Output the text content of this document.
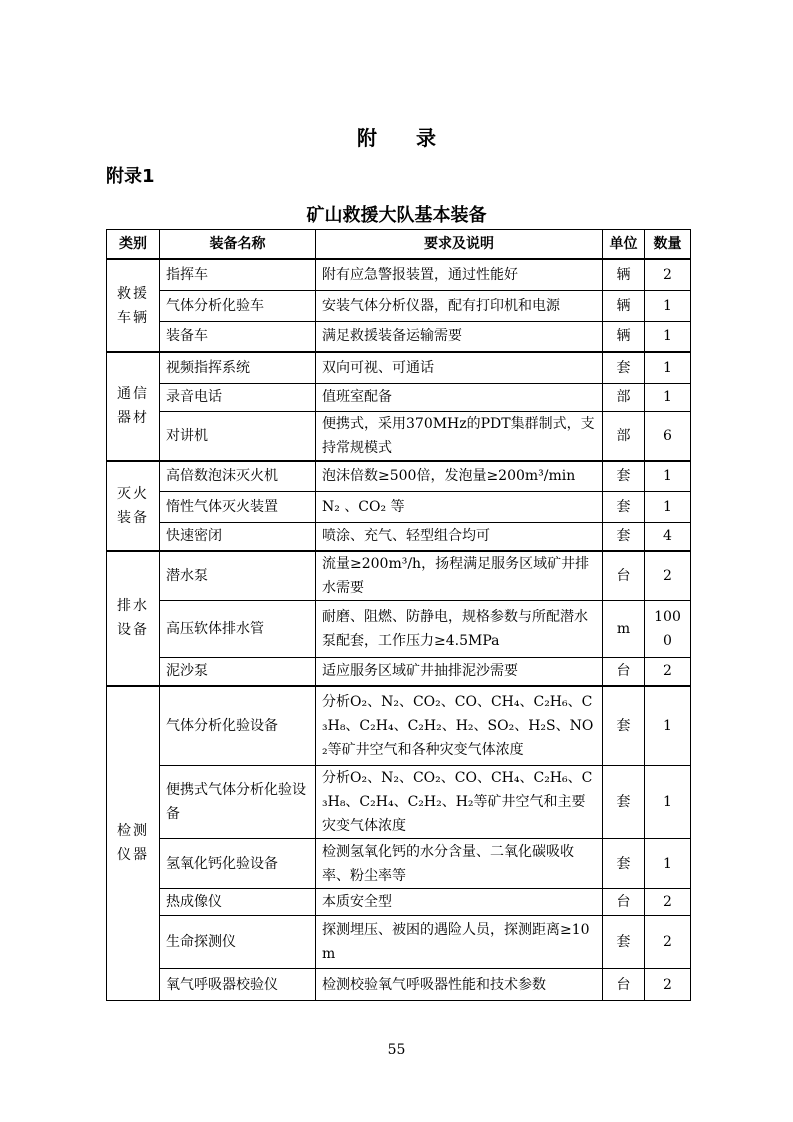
附 录
附录1
矿山救援大队基本装备
类别	装备名称	要求及说明	单位	数量

救援
车辆	指挥车	附有应急警报装置，通过性能好	辆	2
	气体分析化验车	安装气体分析仪器，配有打印机和电源	辆	1
	装备车	满足救援装备运输需要	辆	1

通信
器材	视频指挥系统	双向可视、可通话	套	1
	录音电话	值班室配备	部	1
	对讲机	便携式，采用370MHz的PDT集群制式，支持常规模式	部	6

灭火
装备	高倍数泡沫灭火机	泡沫倍数≥500倍，发泡量≥200m³/min	套	1
	惰性气体灭火装置	N₂ 、CO₂ 等	套	1
	快速密闭	喷涂、充气、轻型组合均可	套	4

排水
设备	潜水泵	流量≥200m³/h，扬程满足服务区域矿井排水需要	台	2
	高压软体排水管	耐磨、阻燃、防静电，规格参数与所配潜水泵配套，工作压力≥4.5MPa	m	1000
	泥沙泵	适应服务区域矿井抽排泥沙需要	台	2

检测
仪器	气体分析化验设备	分析O₂、N₂、CO₂、CO、CH₄、C₂H₆、C₃H₈、C₂H₄、C₂H₂、H₂、SO₂、H₂S、NO₂等矿井空气和各种灾变气体浓度	套	1
	便携式气体分析化验设备	分析O₂、N₂、CO₂、CO、CH₄、C₂H₆、C₃H₈、C₂H₄、C₂H₂、H₂等矿井空气和主要灾变气体浓度	套	1
	氢氧化钙化验设备	检测氢氧化钙的水分含量、二氧化碳吸收率、粉尘率等	套	1
	热成像仪	本质安全型	台	2
	生命探测仪	探测埋压、被困的遇险人员，探测距离≥10m	套	2
	氧气呼吸器校验仪	检测校验氧气呼吸器性能和技术参数	台	2
55
